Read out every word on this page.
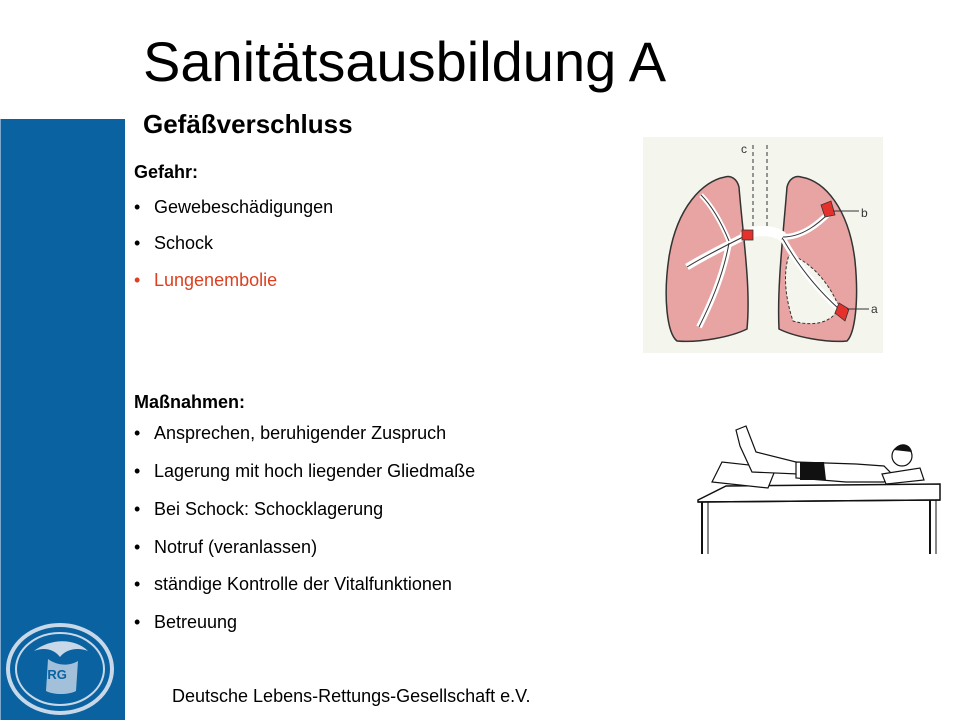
DLRG
Sanitätsausbildung A
Gefäßverschluss
Gefahr:
• Gewebeschädigungen
• Schock
• Lungenembolie
Maßnahmen:
• Ansprechen, beruhigender Zuspruch
• Lagerung mit hoch liegender Gliedmaße
• Bei Schock: Schocklagerung
• Notruf (veranlassen)
• ständige Kontrolle der Vitalfunktionen
• Betreuung
c
b
a
Deutsche Lebens-Rettungs-Gesellschaft e.V.
